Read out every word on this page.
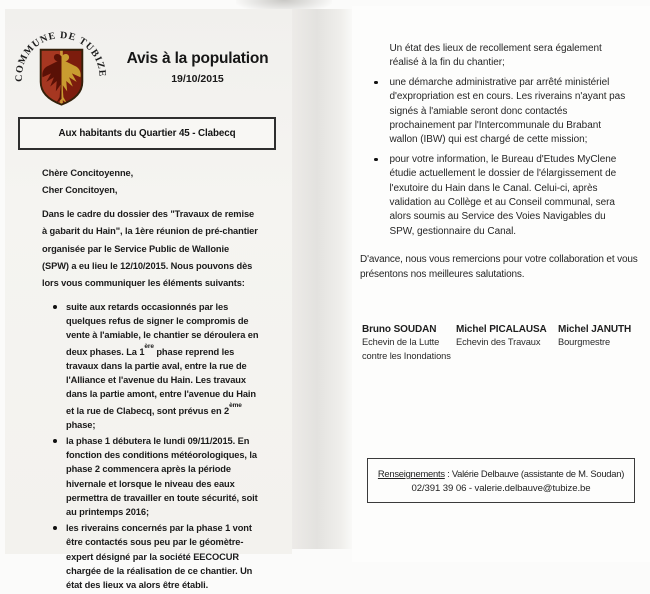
COMMUNE DE TUBIZE
Avis à la population
19/10/2015
Aux habitants du Quartier 45 - Clabecq
Chère Concitoyenne,
Cher Concitoyen,
Dans le cadre du dossier des "Travaux de remise à gabarit du Hain", la 1ère réunion de pré-chantier organisée par le Service Public de Wallonie (SPW) a eu lieu le 12/10/2015. Nous pouvons dès lors vous communiquer les éléments suivants:
suite aux retards occasionnés par les quelques refus de signer le compromis de vente à l'amiable, le chantier se déroulera en deux phases. La 1ère phase reprend les travaux dans la partie aval, entre la rue de l'Alliance et l'avenue du Hain. Les travaux dans la partie amont, entre l'avenue du Hain et la rue de Clabecq, sont prévus en 2ème phase;
la phase 1 débutera le lundi 09/11/2015. En fonction des conditions météorologiques, la phase 2 commencera après la période hivernale et lorsque le niveau des eaux permettra de travailler en toute sécurité, soit au printemps 2016;
les riverains concernés par la phase 1 vont être contactés sous peu par le géomètre-expert désigné par la société EECOCUR chargée de la réalisation de ce chantier. Un état des lieux va alors être établi.
Un état des lieux de recollement sera également réalisé à la fin du chantier;
une démarche administrative par arrêté ministériel d'expropriation est en cours. Les riverains n'ayant pas signés à l'amiable seront donc contactés prochainement par l'Intercommunale du Brabant wallon (IBW) qui est chargé de cette mission;
pour votre information, le Bureau d'Etudes MyClene étudie actuellement le dossier de l'élargissement de l'exutoire du Hain dans le Canal. Celui-ci, après validation au Collège et au Conseil communal, sera alors soumis au Service des Voies Navigables du SPW, gestionnaire du Canal.
D'avance, nous vous remercions pour votre collaboration et vous présentons nos meilleures salutations.
Bruno SOUDAN
Echevin de la Lutte contre les Inondations
Michel PICALAUSA
Echevin des Travaux
Michel JANUTH
Bourgmestre
Renseignements : Valérie Delbauve (assistante de M. Soudan)
02/391 39 06 - valerie.delbauve@tubize.be
